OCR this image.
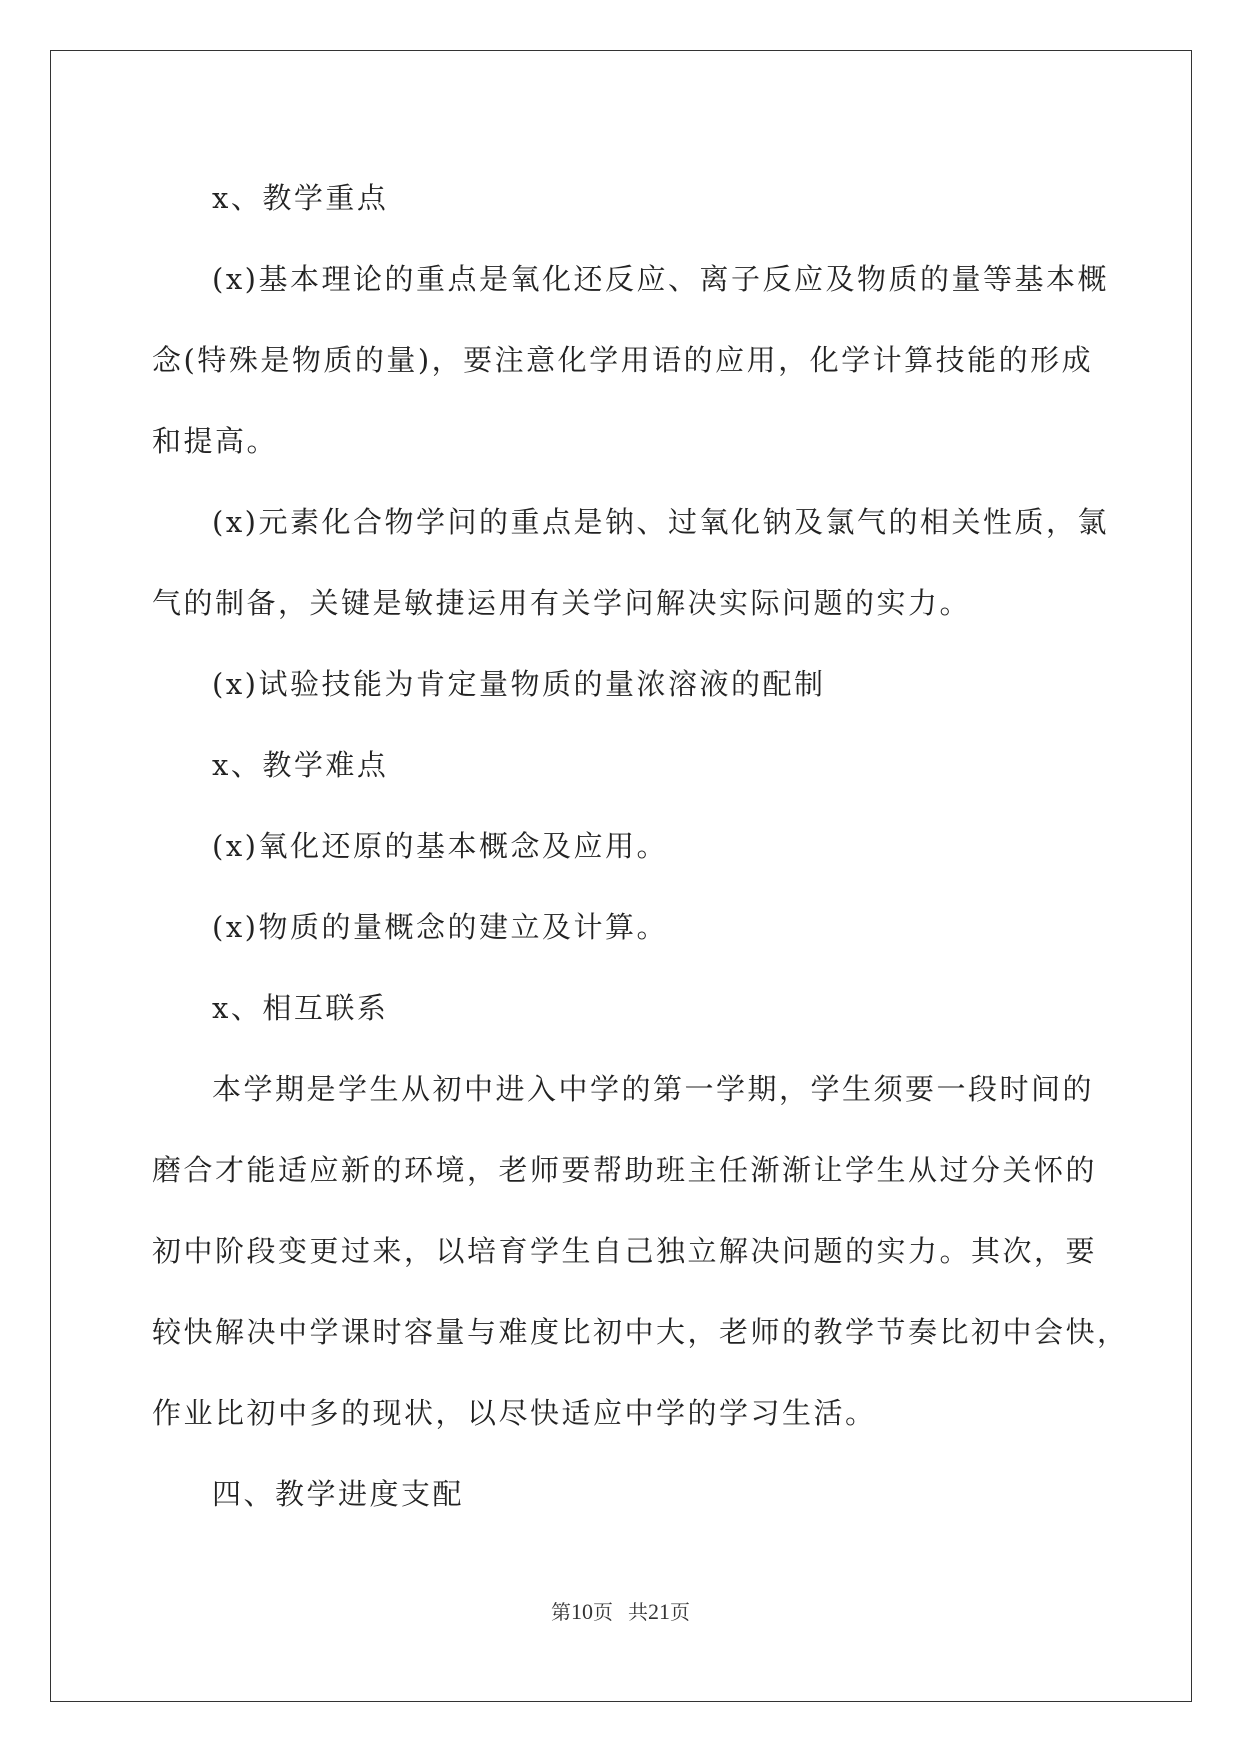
x、教学重点
(x)基本理论的重点是氧化还反应、离子反应及物质的量等基本概
念(特殊是物质的量)，要注意化学用语的应用，化学计算技能的形成
和提高。
(x)元素化合物学问的重点是钠、过氧化钠及氯气的相关性质，氯
气的制备，关键是敏捷运用有关学问解决实际问题的实力。
(x)试验技能为肯定量物质的量浓溶液的配制
x、教学难点
(x)氧化还原的基本概念及应用。
(x)物质的量概念的建立及计算。
x、相互联系
本学期是学生从初中进入中学的第一学期，学生须要一段时间的
磨合才能适应新的环境，老师要帮助班主任渐渐让学生从过分关怀的
初中阶段变更过来，以培育学生自己独立解决问题的实力。其次，要
较快解决中学课时容量与难度比初中大，老师的教学节奏比初中会快，
作业比初中多的现状，以尽快适应中学的学习生活。
四、教学进度支配
第10页 共21页
